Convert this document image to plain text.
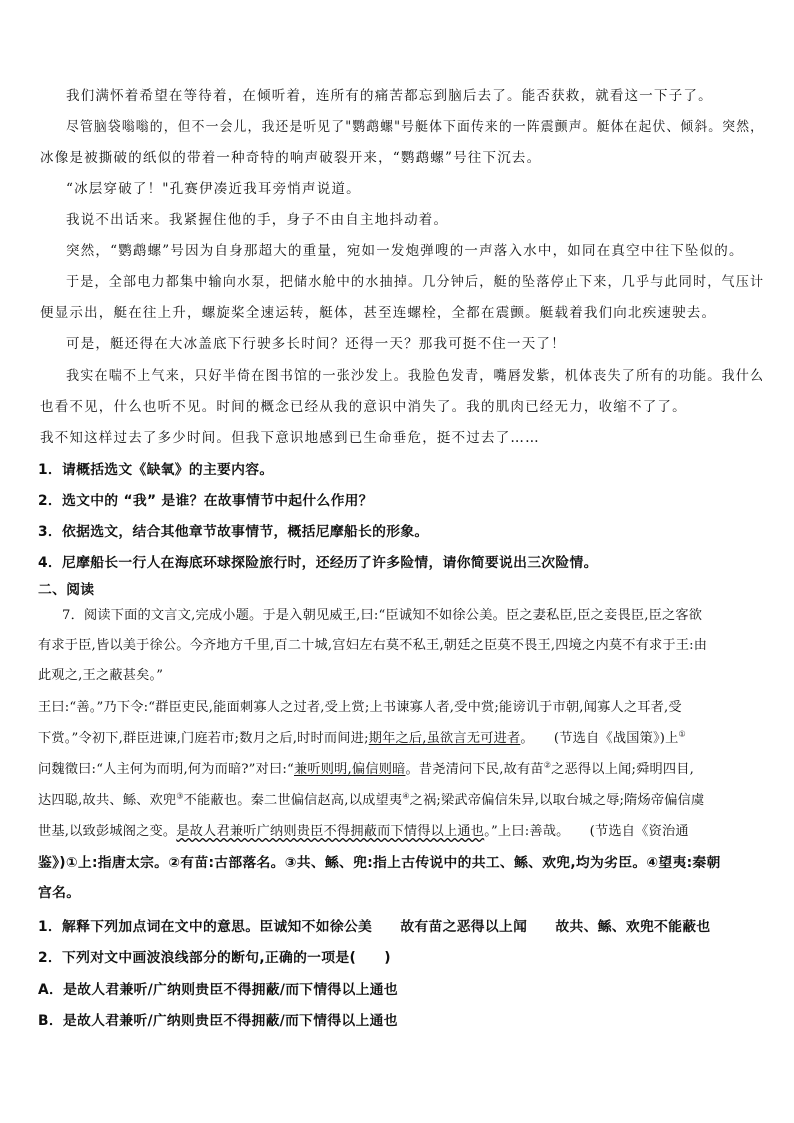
我们满怀着希望在等待着，在倾听着，连所有的痛苦都忘到脑后去了。能否获救，就看这一下子了。
尽管脑袋嗡嗡的，但不一会儿，我还是听见了"鹦鹉螺"号艇体下面传来的一阵震颤声。艇体在起伏、倾斜。突然，
冰像是被撕破的纸似的带着一种奇特的响声破裂开来，“鹦鹉螺”号往下沉去。
“冰层穿破了！"孔赛伊凑近我耳旁悄声说道。
我说不出话来。我紧握住他的手，身子不由自主地抖动着。
突然，“鹦鹉螺”号因为自身那超大的重量，宛如一发炮弹嗖的一声落入水中，如同在真空中往下坠似的。
于是，全部电力都集中输向水泵，把储水舱中的水抽掉。几分钟后，艇的坠落停止下来，几乎与此同时，气压计
便显示出，艇在往上升，螺旋桨全速运转，艇体，甚至连螺栓，全都在震颤。艇载着我们向北疾速驶去。
可是，艇还得在大冰盖底下行驶多长时间？还得一天？那我可挺不住一天了！
我实在喘不上气来，只好半倚在图书馆的一张沙发上。我脸色发青，嘴唇发紫，机体丧失了所有的功能。我什么
也看不见，什么也听不见。时间的概念已经从我的意识中消失了。我的肌肉已经无力，收缩不了了。
我不知这样过去了多少时间。但我下意识地感到已生命垂危，挺不过去了……
1．请概括选文《缺氧》的主要内容。
2．选文中的 “我” 是谁？在故事情节中起什么作用？
3．依据选文，结合其他章节故事情节，概括尼摩船长的形象。
4．尼摩船长一行人在海底环球探险旅行时，还经历了许多险情，请你简要说出三次险情。
二、阅读
7．阅读下面的文言文,完成小题。于是入朝见威王,曰:“臣诚知不如徐公美。臣之妻私臣,臣之妾畏臣,臣之客欲
有求于臣,皆以美于徐公。今齐地方千里,百二十城,宫妇左右莫不私王,朝廷之臣莫不畏王,四境之内莫不有求于王:由
此观之,王之蔽甚矣。”
王曰:“善。”乃下令:“群臣吏民,能面刺寡人之过者,受上赏;上书谏寡人者,受中赏;能谤讥于市朝,闻寡人之耳者,受
下赏。”令初下,群臣进谏,门庭若市;数月之后,时时而间进;期年之后,虽欲言无可进者。　　(节选自《战国策》)上①
问魏徵曰:“人主何为而明,何为而暗?”对曰:“兼听则明,偏信则暗。昔尧清问下民,故有苗②之恶得以上闻;舜明四目,
达四聪,故共、鲧、欢兜③不能蔽也。秦二世偏信赵高,以成望夷④之祸;梁武帝偏信朱异,以取台城之辱;隋炀帝偏信虞
世基,以致彭城阁之变。是故人君兼听广纳则贵臣不得拥蔽而下情得以上通也。”上曰:善哉。　　(节选自《资治通
鉴》)①上:指唐太宗。②有苗:古部落名。③共、鲧、兜:指上古传说中的共工、鲧、欢兜,均为劣臣。④望夷:秦朝
宫名。
1．解释下列加点词在文中的意思。臣诚知不如徐公美　　故有苗之恶得以上闻　　故共、鲧、欢兜不能蔽也
2．下列对文中画波浪线部分的断句,正确的一项是(　　)
A．是故人君兼听/广纳则贵臣不得拥蔽/而下情得以上通也
B．是故人君兼听/广纳则贵臣不得拥蔽/而下情得以上通也
